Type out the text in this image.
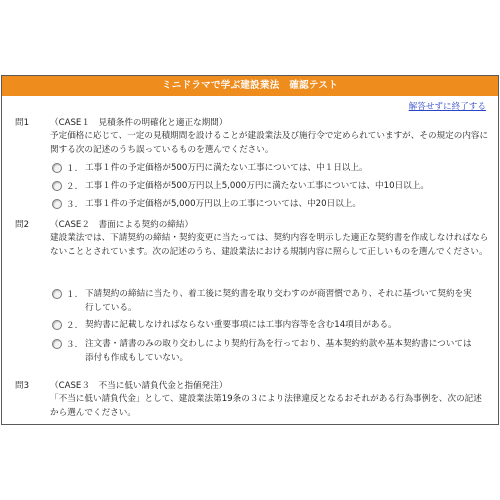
ミニドラマで学ぶ建設業法　確認テスト
解答せずに終了する
問1 （CASE１　見積条件の明確化と適正な期間）
予定価格に応じて、一定の見積期間を設けることが建設業法及び施行令で定められていますが、その規定の内容に関する次の記述のうち誤っているものを選んでください。
１. 工事１件の予定価格が500万円に満たない工事については、中１日以上。
２. 工事１件の予定価格が500万円以上5,000万円に満たない工事については、中10日以上。
３. 工事１件の予定価格が5,000万円以上の工事については、中20日以上。
問2 （CASE２　書面による契約の締結）
建設業法では、下請契約の締結・契約変更に当たっては、契約内容を明示した適正な契約書を作成しなければならないこととされています。次の記述のうち、建設業法における規制内容に照らして正しいものを選んでください。
１. 下請契約の締結に当たり、着工後に契約書を取り交わすのが商習慣であり、それに基づいて契約を実行している。
２. 契約書に記載しなければならない重要事項には工事内容等を含む14項目がある。
３. 注文書・請書のみの取り交わしにより契約行為を行っており、基本契約約款や基本契約書については添付も作成もしていない。
問3 （CASE３　不当に低い請負代金と指値発注）
「不当に低い請負代金」として、建設業法第19条の３により法律違反となるおそれがある行為事例を、次の記述から選んでください。
